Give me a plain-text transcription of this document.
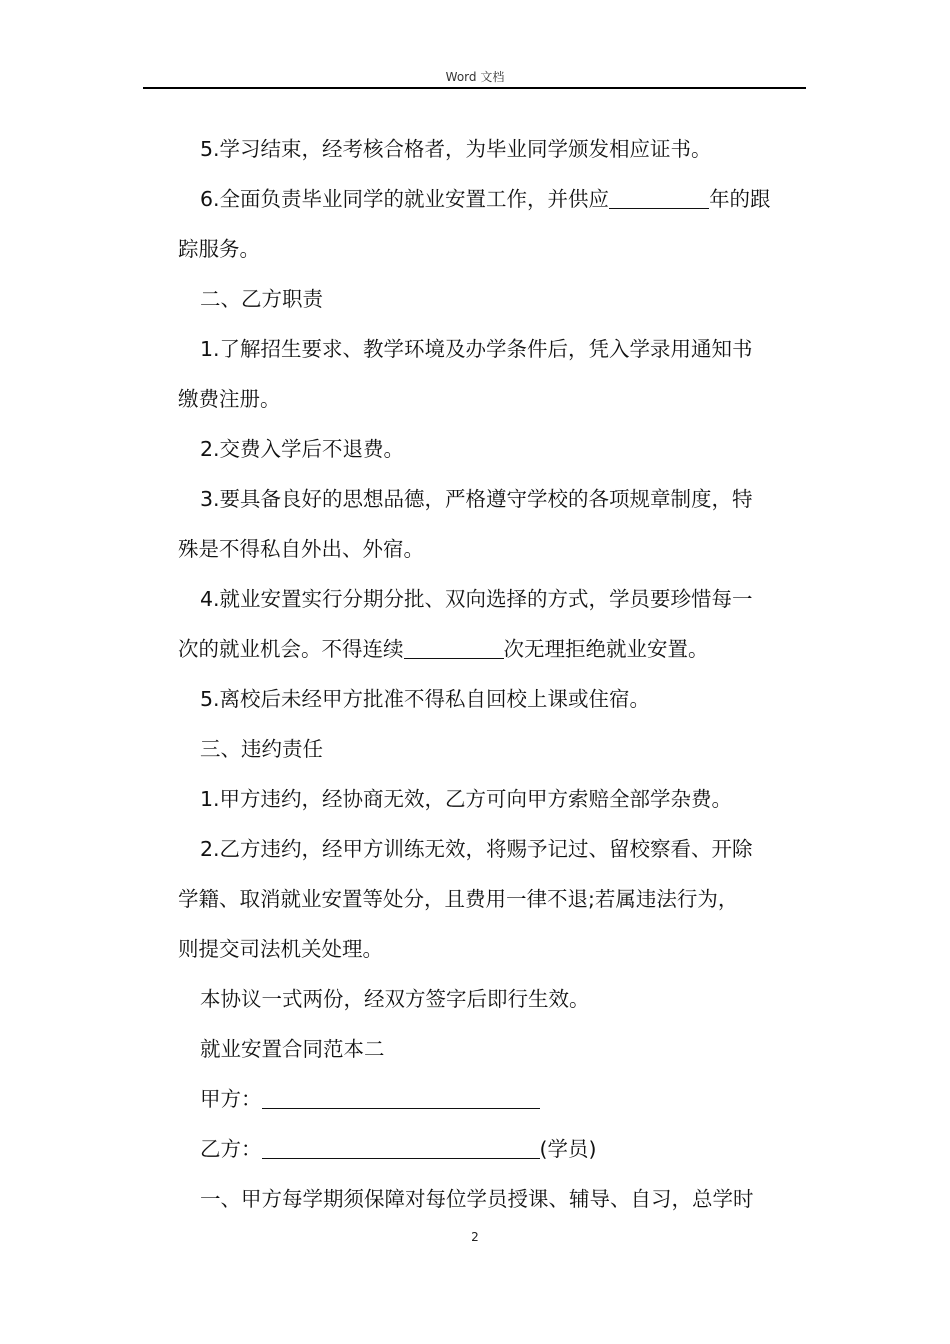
Word 文档
5.学习结束，经考核合格者，为毕业同学颁发相应证书。
6.全面负责毕业同学的就业安置工作，并供应	年的跟
踪服务。
二、乙方职责
1.了解招生要求、教学环境及办学条件后，凭入学录用通知书
缴费注册。
2.交费入学后不退费。
3.要具备良好的思想品德，严格遵守学校的各项规章制度，特
殊是不得私自外出、外宿。
4.就业安置实行分期分批、双向选择的方式，学员要珍惜每一
次的就业机会。不得连续	次无理拒绝就业安置。
5.离校后未经甲方批准不得私自回校上课或住宿。
三、违约责任
1.甲方违约，经协商无效，乙方可向甲方索赔全部学杂费。
2.乙方违约，经甲方训练无效，将赐予记过、留校察看、开除
学籍、取消就业安置等处分，且费用一律不退;若属违法行为，
则提交司法机关处理。
本协议一式两份，经双方签字后即行生效。
就业安置合同范本二
甲方：
乙方：	(学员)
一、甲方每学期须保障对每位学员授课、辅导、自习，总学时
2
